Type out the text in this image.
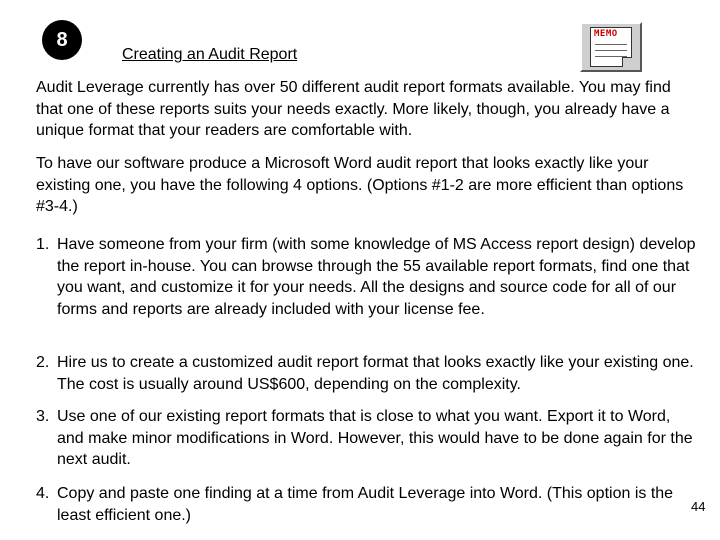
8
Creating an Audit Report
MEMO

Audit Leverage currently has over 50 different audit report formats available. You may find that one of these reports suits your needs exactly. More likely, though, you already have a unique format that your readers are comfortable with.

To have our software produce a Microsoft Word audit report that looks exactly like your existing one, you have the following 4 options. (Options #1-2 are more efficient than options #3-4.)

1. Have someone from your firm (with some knowledge of MS Access report design) develop the report in-house. You can browse through the 55 available report formats, find one that you want, and customize it for your needs. All the designs and source code for all of our forms and reports are already included with your license fee.
2. Hire us to create a customized audit report format that looks exactly like your existing one. The cost is usually around US$600, depending on the complexity.
3. Use one of our existing report formats that is close to what you want. Export it to Word, and make minor modifications in Word. However, this would have to be done again for the next audit.
4. Copy and paste one finding at a time from Audit Leverage into Word. (This option is the least efficient one.)	44
